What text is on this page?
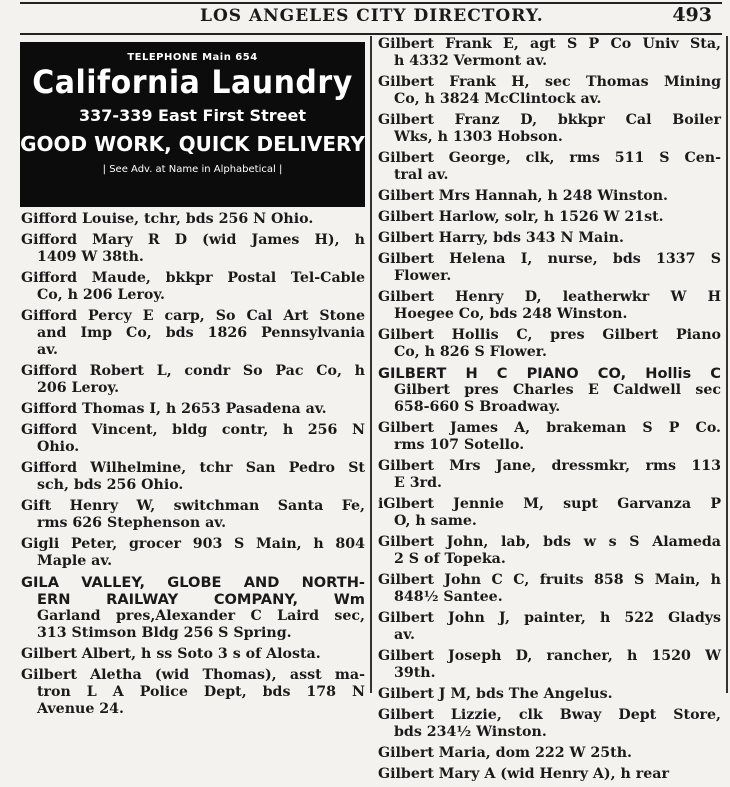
LOS ANGELES CITY DIRECTORY.	493
TELEPHONE Main 654
California Laundry
337-339 East First Street
GOOD WORK, QUICK DELIVERY
| See Adv. at Name in Alphabetical |
Gifford Louise, tchr, bds 256 N Ohio.
Gifford Mary R D (wid James H), h
1409 W 38th.
Gifford Maude, bkkpr Postal Tel-Cable
Co, h 206 Leroy.
Gifford Percy E carp, So Cal Art Stone
and Imp Co, bds 1826 Pennsylvania
av.
Gifford Robert L, condr So Pac Co, h
206 Leroy.
Gifford Thomas I, h 2653 Pasadena av.
Gifford Vincent, bldg contr, h 256 N
Ohio.
Gifford Wilhelmine, tchr San Pedro St
sch, bds 256 Ohio.
Gift Henry W, switchman Santa Fe,
rms 626 Stephenson av.
Gigli Peter, grocer 903 S Main, h 804
Maple av.
GILA VALLEY, GLOBE AND NORTH-
ERN RAILWAY COMPANY, Wm
Garland pres,Alexander C Laird sec,
313 Stimson Bldg 256 S Spring.
Gilbert Albert, h ss Soto 3 s of Alosta.
Gilbert Aletha (wid Thomas), asst ma-
tron L A Police Dept, bds 178 N
Avenue 24.
Gilbert Frank E, agt S P Co Univ Sta,
h 4332 Vermont av.
Gilbert Frank H, sec Thomas Mining
Co, h 3824 McClintock av.
Gilbert Franz D, bkkpr Cal Boiler
Wks, h 1303 Hobson.
Gilbert George, clk, rms 511 S Cen-
tral av.
Gilbert Mrs Hannah, h 248 Winston.
Gilbert Harlow, solr, h 1526 W 21st.
Gilbert Harry, bds 343 N Main.
Gilbert Helena I, nurse, bds 1337 S
Flower.
Gilbert Henry D, leatherwkr W H
Hoegee Co, bds 248 Winston.
Gilbert Hollis C, pres Gilbert Piano
Co, h 826 S Flower.
GILBERT H C PIANO CO, Hollis C
Gilbert pres Charles E Caldwell sec
658-660 S Broadway.
Gilbert James A, brakeman S P Co.
rms 107 Sotello.
Gilbert Mrs Jane, dressmkr, rms 113
E 3rd.
iGlbert Jennie M, supt Garvanza P
O, h same.
Gilbert John, lab, bds w s S Alameda
2 S of Topeka.
Gilbert John C C, fruits 858 S Main, h
848½ Santee.
Gilbert John J, painter, h 522 Gladys
av.
Gilbert Joseph D, rancher, h 1520 W
39th.
Gilbert J M, bds The Angelus.
Gilbert Lizzie, clk Bway Dept Store,
bds 234½ Winston.
Gilbert Maria, dom 222 W 25th.
Gilbert Mary A (wid Henry A), h rear
